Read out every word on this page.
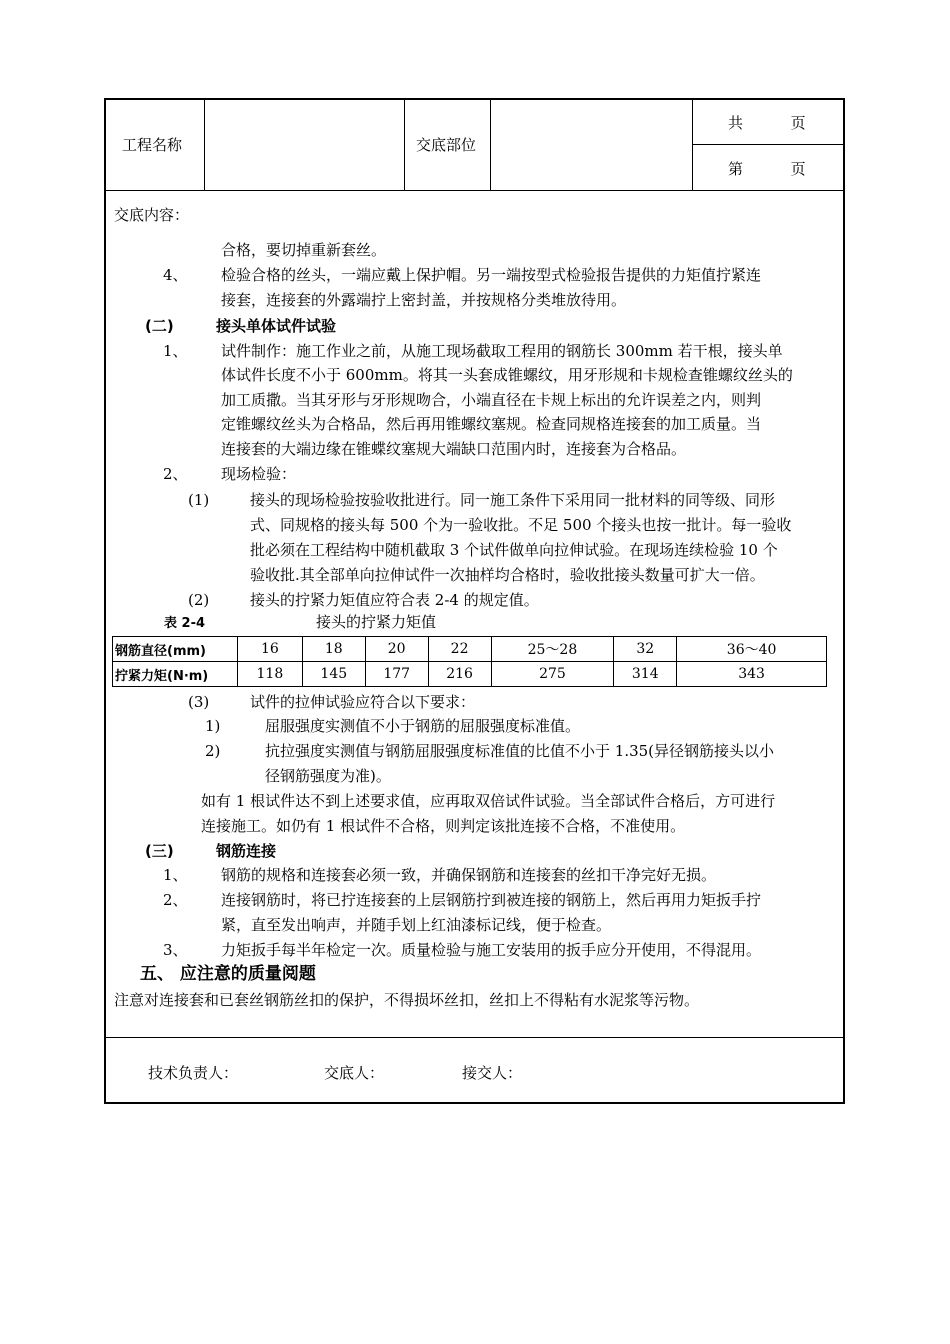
工程名称	交底部位
共          页
第          页
交底内容：
合格，要切掉重新套丝。
4、 检验合格的丝头，一端应戴上保护帽。另一端按型式检验报告提供的力矩值拧紧连
接套，连接套的外露端拧上密封盖，并按规格分类堆放待用。
(二)	接头单体试件试验
1、 试件制作：施工作业之前，从施工现场截取工程用的钢筋长 300mm 若干根，接头单
体试件长度不小于 600mm。将其一头套成锥螺纹，用牙形规和卡规检查锥螺纹丝头的
加工质撒。当其牙形与牙形规吻合，小端直径在卡规上标出的允许误差之内，则判
定锥螺纹丝头为合格品，然后再用锥螺纹塞规。检查同规格连接套的加工质量。当
连接套的大端边缘在锥蝶纹塞规大端缺口范围内时，连接套为合格品。
2、 现场检验：
(1)	接头的现场检验按验收批进行。同一施工条件下采用同一批材料的同等级、同形
式、同规格的接头每 500 个为一验收批。不足 500 个接头也按一批计。每一验收
批必须在工程结构中随机截取 3 个试件做单向拉伸试验。在现场连续检验 10 个
验收批.其全部单向拉伸试件一次抽样均合格时，验收批接头数量可扩大一倍。
(2)	接头的拧紧力矩值应符合表 2-4 的规定值。
表 2-4	接头的拧紧力矩值
钢筋直径(mm)	16	18	20	22	25～28	32	36～40
拧紧力矩(N·m)	118	145	177	216	275	314	343
(3)	试件的拉伸试验应符合以下要求：
1)	屈服强度实测值不小于钢筋的屈服强度标准值。
2)	抗拉强度实测值与钢筋屈服强度标准值的比值不小于 1.35(异径钢筋接头以小
径钢筋强度为准)。
如有 1 根试件达不到上述要求值，应再取双倍试件试验。当全部试件合格后，方可进行
连接施工。如仍有 1 根试件不合格，则判定该批连接不合格，不准使用。
(三)	钢筋连接
1、 钢筋的规格和连接套必须一致，并确保钢筋和连接套的丝扣干净完好无损。
2、 连接钢筋时，将已拧连接套的上层钢筋拧到被连接的钢筋上，然后再用力矩扳手拧
紧，直至发出响声，并随手划上红油漆标记线，便于检查。
3、 力矩扳手每半年检定一次。质量检验与施工安装用的扳手应分开使用，不得混用。
五、 应注意的质量阅题
注意对连接套和已套丝钢筋丝扣的保护，不得损坏丝扣，丝扣上不得粘有水泥浆等污物。
技术负责人：	交底人：	接交人：
